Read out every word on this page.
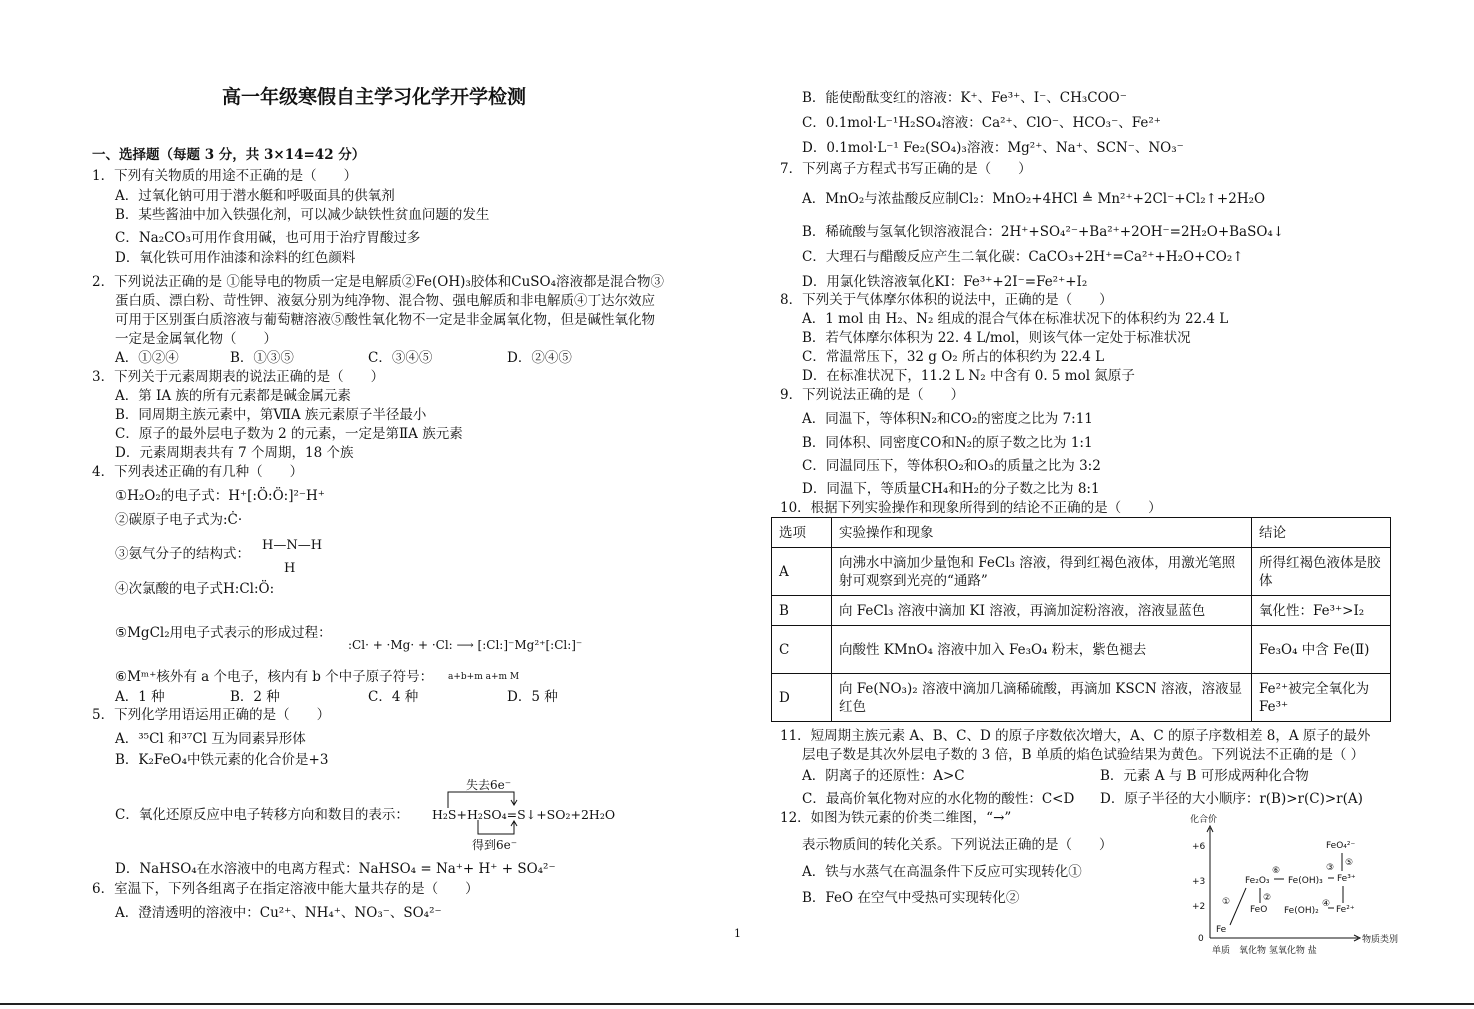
高一年级寒假自主学习化学开学检测
一、选择题（每题 3 分，共 3×14=42 分）
1．下列有关物质的用途不正确的是（　　）
A．过氧化钠可用于潜水艇和呼吸面具的供氧剂
B．某些酱油中加入铁强化剂，可以减少缺铁性贫血问题的发生
C．Na₂CO₃可用作食用碱，也可用于治疗胃酸过多
D．氧化铁可用作油漆和涂料的红色颜料
2．下列说法正确的是 ①能导电的物质一定是电解质②Fe(OH)₃胶体和CuSO₄溶液都是混合物③
蛋白质、漂白粉、苛性钾、液氨分别为纯净物、混合物、强电解质和非电解质④丁达尔效应
可用于区别蛋白质溶液与葡萄糖溶液⑤酸性氧化物不一定是非金属氧化物，但是碱性氧化物
一定是金属氧化物（　　）
A．①②④	B．①③⑤	C．③④⑤	D．②④⑤
3．下列关于元素周期表的说法正确的是（　　）
A．第 IA 族的所有元素都是碱金属元素
B．同周期主族元素中，第ⅦA 族元素原子半径最小
C．原子的最外层电子数为 2 的元素，一定是第ⅡA 族元素
D．元素周期表共有 7 个周期，18 个族
4．下列表述正确的有几种（　　）
①H₂O₂的电子式：H⁺[:Ö:Ö:]²⁻H⁺
②碳原子电子式为:Ċ·
③氨气分子的结构式：
H—N—H
H
④次氯酸的电子式H:Cl:Ö:
⑤MgCl₂用电子式表示的形成过程：
:Cl· + ·Mg· + ·Cl: ⟶ [:Cl:]⁻Mg²⁺[:Cl:]⁻
⑥Mᵐ⁺核外有 a 个电子，核内有 b 个中子原子符号： a+b+m a+m M
A．1 种	B．2 种	C．4 种	D．5 种
5．下列化学用语运用正确的是（　　）
A．³⁵Cl 和³⁷Cl 互为同素异形体
B．K₂FeO₄中铁元素的化合价是+3
C．氧化还原反应中电子转移方向和数目的表示：
失去6e⁻
H₂S+H₂SO₄=S↓+SO₂+2H₂O
得到6e⁻
D．NaHSO₄在水溶液中的电离方程式：NaHSO₄ = Na⁺+ H⁺ + SO₄²⁻
6．室温下，下列各组离子在指定溶液中能大量共存的是（　　）
A．澄清透明的溶液中：Cu²⁺、NH₄⁺、NO₃⁻、SO₄²⁻
B．能使酚酞变红的溶液：K⁺、Fe³⁺、I⁻、CH₃COO⁻
C．0.1mol·L⁻¹H₂SO₄溶液：Ca²⁺、ClO⁻、HCO₃⁻、Fe²⁺
D．0.1mol·L⁻¹ Fe₂(SO₄)₃溶液：Mg²⁺、Na⁺、SCN⁻、NO₃⁻
7．下列离子方程式书写正确的是（　　）
A．MnO₂与浓盐酸反应制Cl₂：MnO₂+4HCl ≜ Mn²⁺+2Cl⁻+Cl₂↑+2H₂O
B．稀硫酸与氢氧化钡溶液混合：2H⁺+SO₄²⁻+Ba²⁺+2OH⁻=2H₂O+BaSO₄↓
C．大理石与醋酸反应产生二氧化碳：CaCO₃+2H⁺=Ca²⁺+H₂O+CO₂↑
D．用氯化铁溶液氧化KI：Fe³⁺+2I⁻=Fe²⁺+I₂
8．下列关于气体摩尔体积的说法中，正确的是（　　）
A．1 mol 由 H₂、N₂ 组成的混合气体在标准状况下的体积约为 22.4 L
B．若气体摩尔体积为 22. 4 L/mol，则该气体一定处于标准状况
C．常温常压下，32 g O₂ 所占的体积约为 22.4 L
D．在标准状况下，11.2 L N₂ 中含有 0. 5 mol 氮原子
9．下列说法正确的是（　　）
A．同温下，等体积N₂和CO₂的密度之比为 7:11
B．同体积、同密度CO和N₂的原子数之比为 1:1
C．同温同压下，等体积O₂和O₃的质量之比为 3:2
D．同温下，等质量CH₄和H₂的分子数之比为 8:1
10．根据下列实验操作和现象所得到的结论不正确的是（　　）
选项	实验操作和现象	结论
A	向沸水中滴加少量饱和 FeCl₃ 溶液，得到红褐色液体，用激光笔照射可观察到光亮的“通路”	所得红褐色液体是胶体
B	向 FeCl₃ 溶液中滴加 KI 溶液，再滴加淀粉溶液，溶液显蓝色	氧化性：Fe³⁺>I₂
C	向酸性 KMnO₄ 溶液中加入 Fe₃O₄ 粉末，紫色褪去	Fe₃O₄ 中含 Fe(Ⅱ)
D	向 Fe(NO₃)₂ 溶液中滴加几滴稀硫酸，再滴加 KSCN 溶液，溶液显红色	Fe²⁺被完全氧化为 Fe³⁺
11．短周期主族元素 A、B、C、D 的原子序数依次增大，A、C 的原子序数相差 8，A 原子的最外
层电子数是其次外层电子数的 3 倍，B 单质的焰色试验结果为黄色。下列说法不正确的是（ ）
A．阴离子的还原性：A>C	B．元素 A 与 B 可形成两种化合物
C．最高价氧化物对应的水化物的酸性：C<D D．原子半径的大小顺序：r(B)>r(C)>r(A)
12．如图为铁元素的价类二维图，“→”
表示物质间的转化关系。下列说法正确的是（　　）
A．铁与水蒸气在高温条件下反应可实现转化①
B．FeO 在空气中受热可实现转化②
化合价
物质类别
+6
+3
+2
0
单质　氧化物 氢氧化物 盐
Fe
FeO
Fe₂O₃ Fe(OH)₃
Fe(OH)₂
Fe³⁺
Fe²⁺
FeO₄²⁻
①	②
③
④
⑤
⑥
1
